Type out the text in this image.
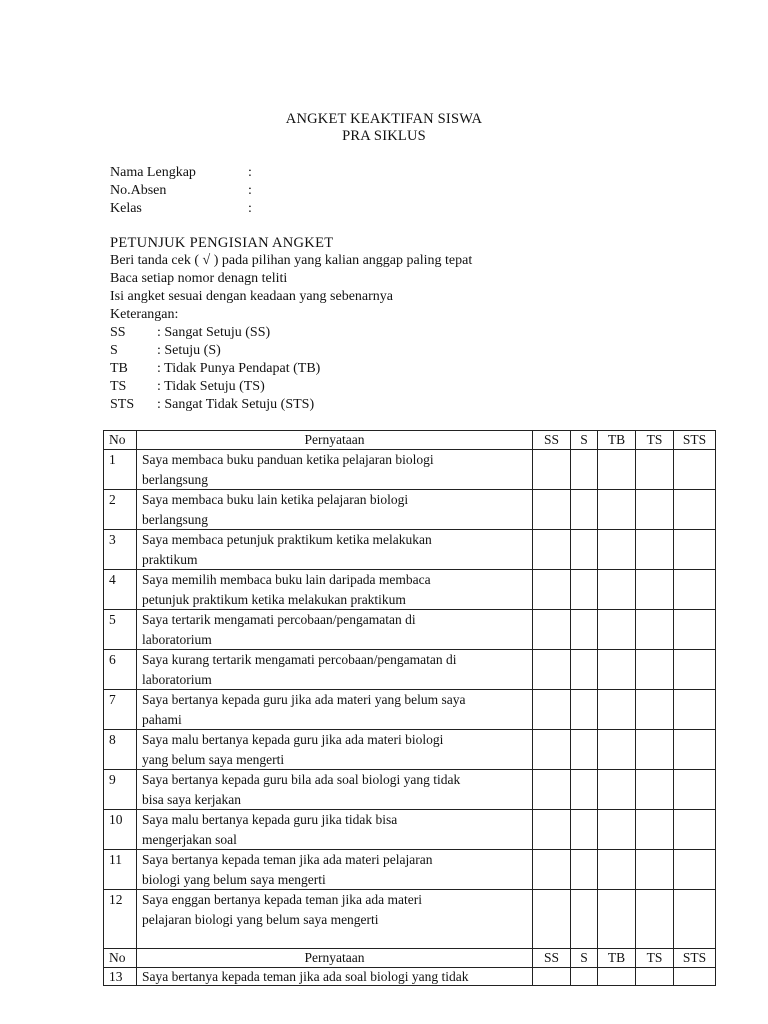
ANGKET KEAKTIFAN SISWA
PRA SIKLUS
Nama Lengkap	:
No.Absen	:
Kelas	:
PETUNJUK PENGISIAN ANGKET
Beri tanda cek ( √ ) pada pilihan yang kalian anggap paling tepat
Baca setiap nomor denagn teliti
Isi angket sesuai dengan keadaan yang sebenarnya
Keterangan:
SS	: Sangat Setuju (SS)
S	: Setuju (S)
TB	: Tidak Punya Pendapat (TB)
TS	: Tidak Setuju (TS)
STS	: Sangat Tidak Setuju (STS)
No	Pernyataan	SS	S	TB	TS	STS
1	Saya membaca buku panduan ketika pelajaran biologi
berlangsung					

2	Saya membaca buku lain ketika pelajaran biologi
berlangsung					

3	Saya membaca petunjuk praktikum ketika melakukan
praktikum					

4	Saya memilih membaca buku lain daripada membaca
petunjuk praktikum ketika melakukan praktikum					

5	Saya tertarik mengamati percobaan/pengamatan di
laboratorium					

6	Saya kurang tertarik mengamati percobaan/pengamatan di
laboratorium					

7	Saya bertanya kepada guru jika ada materi yang belum saya
pahami					

8	Saya malu bertanya kepada guru jika ada materi biologi
yang belum saya mengerti					

9	Saya bertanya kepada guru bila ada soal biologi yang tidak
bisa saya kerjakan					

10	Saya malu bertanya kepada guru jika tidak bisa
mengerjakan soal					

11	Saya bertanya kepada teman jika ada materi pelajaran
biologi yang belum saya mengerti					

12	Saya enggan bertanya kepada teman jika ada materi
pelajaran biologi yang belum saya mengerti					

No	Pernyataan	SS	S	TB	TS	STS
13	Saya bertanya kepada teman jika ada soal biologi yang tidak					
